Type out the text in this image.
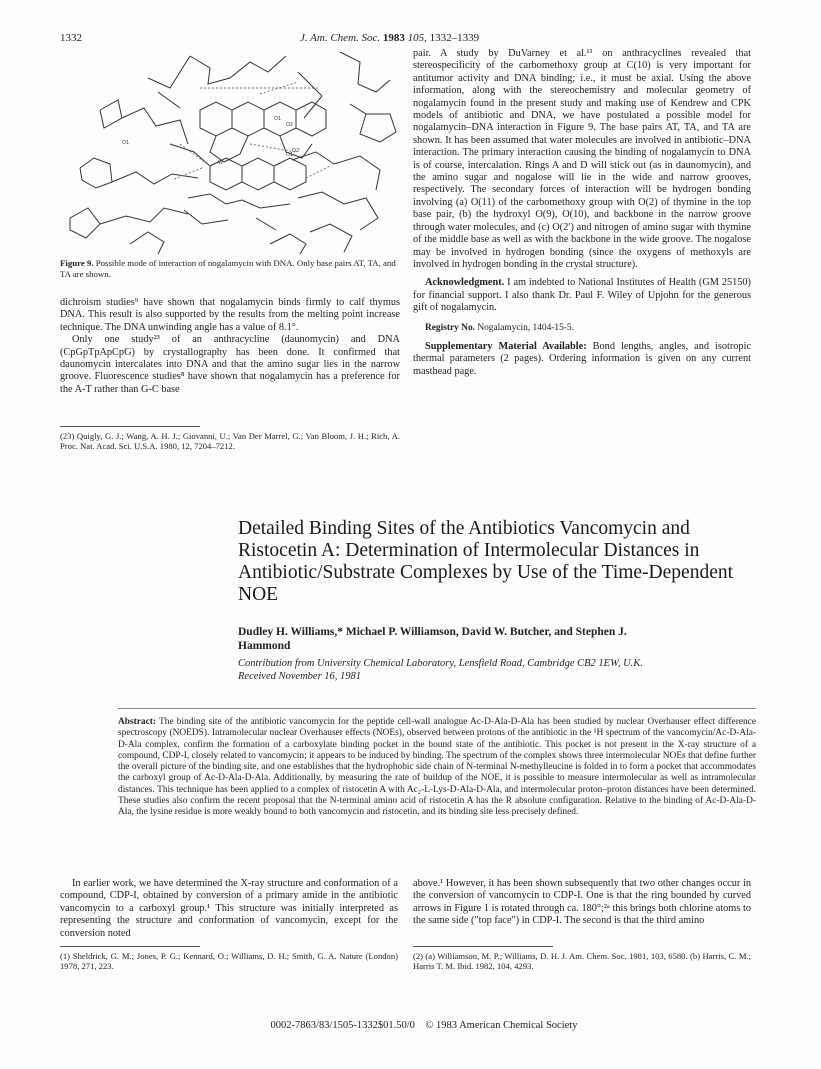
1332	J. Am. Chem. Soc. 1983 105, 1332–1339
O1
O1
O1
O2
O2'
W
Figure 9. Possible mode of interaction of nogalamycin with DNA. Only base pairs AT, TA, and TA are shown.

dichroism studies⁹ have shown that nogalamycin binds firmly to calf thymus DNA. This result is also supported by the results from the melting point increase technique. The DNA unwinding angle has a value of 8.1°.

Only one study²³ of an anthracycline (daunomycin) and DNA (CpGpTpApCpG) by crystallography has been done. It confirmed that daunomycin intercalates into DNA and that the amino sugar lies in the narrow groove. Fluorescence studies⁸ have shown that nogalamycin has a preference for the A-T rather than G-C base

(23) Quigly, G. J.; Wang, A. H. J.; Giovanni, U.; Van Der Marrel, G.; Van Bloom, J. H.; Rich, A. Proc. Nat. Acad. Sci. U.S.A. 1980, 12, 7204–7212.

pair. A study by DuVarney et al.¹¹ on anthracyclines revealed that stereospecificity of the carbomethoxy group at C(10) is very important for antitumor activity and DNA binding; i.e., it must be axial. Using the above information, along with the stereochemistry and molecular geometry of nogalamycin found in the present study and making use of Kendrew and CPK models of antibiotic and DNA, we have postulated a possible model for nogalamycin–DNA interaction in Figure 9. The base pairs AT, TA, and TA are shown. It has been assumed that water molecules are involved in antibiotic–DNA interaction. The primary interaction causing the binding of nogalamycin to DNA is of course, intercalation. Rings A and D will stick out (as in daunomycin), and the amino sugar and nogalose will lie in the wide and narrow grooves, respectively. The secondary forces of interaction will be hydrogen bonding involving (a) O(11) of the carbomethoxy group with O(2) of thymine in the top base pair, (b) the hydroxyl O(9), O(10), and backbone in the narrow groove through water molecules, and (c) O(2′) and nitrogen of amino sugar with thymine of the middle base as well as with the backbone in the wide groove. The nogalose may be involved in hydrogen bonding (since the oxygens of methoxyls are involved in hydrogen bonding in the crystal structure).

Acknowledgment. I am indebted to National Institutes of Health (GM 25150) for financial support. I also thank Dr. Paul F. Wiley of Upjohn for the generous gift of nogalamycin.

Registry No. Nogalamycin, 1404-15-5.

Supplementary Material Available: Bond lengths, angles, and isotropic thermal parameters (2 pages). Ordering information is given on any current masthead page.

Detailed Binding Sites of the Antibiotics Vancomycin and Ristocetin A: Determination of Intermolecular Distances in Antibiotic/Substrate Complexes by Use of the Time-Dependent NOE
Dudley H. Williams,* Michael P. Williamson, David W. Butcher, and Stephen J. Hammond
Contribution from University Chemical Laboratory, Lensfield Road, Cambridge CB2 1EW, U.K.
Received November 16, 1981
Abstract: The binding site of the antibiotic vancomycin for the peptide cell-wall analogue Ac-D-Ala-D-Ala has been studied by nuclear Overhauser effect difference spectroscopy (NOEDS). Intramolecular nuclear Overhauser effects (NOEs), observed between protons of the antibiotic in the ¹H spectrum of the vancomycin/Ac-D-Ala-D-Ala complex, confirm the formation of a carboxylate binding pocket in the bound state of the antibiotic. This pocket is not present in the X-ray structure of a compound, CDP-I, closely related to vancomycin; it appears to be induced by binding. The spectrum of the complex shows three intermolecular NOEs that define further the overall picture of the binding site, and one establishes that the hydrophobic side chain of N-terminal N-methylleucine is folded in to form a pocket that accommodates the carboxyl group of Ac-D-Ala-D-Ala. Additionally, by measuring the rate of buildup of the NOE, it is possible to measure intermolecular as well as intramolecular distances. This technique has been applied to a complex of ristocetin A with Ac₂-L-Lys-D-Ala-D-Ala, and intermolecular proton–proton distances have been determined. These studies also confirm the recent proposal that the N-terminal amino acid of ristocetin A has the R absolute configuration. Relative to the binding of Ac-D-Ala-D-Ala, the lysine residue is more weakly bound to both vancomycin and ristocetin, and its binding site less precisely defined.
In earlier work, we have determined the X-ray structure and conformation of a compound, CDP-I, obtained by conversion of a primary amide in the antibiotic vancomycin to a carboxyl group.¹ This structure was initially interpreted as representing the structure and conformation of vancomycin, except for the conversion noted
above.¹ However, it has been shown subsequently that two other changes occur in the conversion of vancomycin to CDP-I. One is that the ring bounded by curved arrows in Figure 1 is rotated through ca. 180°;²ᵃ this brings both chlorine atoms to the same side ("top face") in CDP-I. The second is that the third amino
(1) Sheldrick, G. M.; Jones, P. G.; Kennard, O.; Williams, D. H.; Smith, G. A. Nature (London) 1978, 271, 223.
(2) (a) Williamson, M. P.; Williams, D. H. J. Am. Chem. Soc. 1981, 103, 6580. (b) Harris, C. M.; Harris T. M. Ibid. 1982, 104, 4293.
0002-7863/83/1505-1332$01.50/0 © 1983 American Chemical Society
